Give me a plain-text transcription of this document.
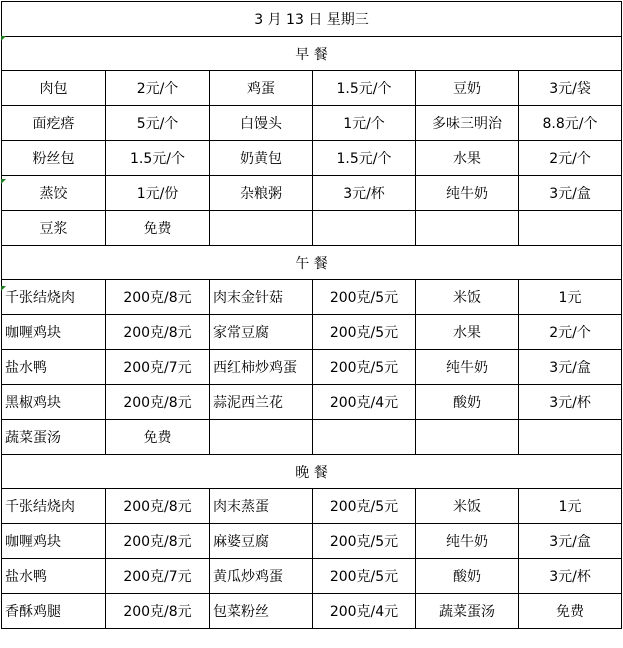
3 月 13 日 星期三					
早 餐					
肉包	2元/个	鸡蛋	1.5元/个	豆奶	3元/袋
面疙瘩	5元/个	白馒头	1元/个	多味三明治	8.8元/个
粉丝包	1.5元/个	奶黄包	1.5元/个	水果	2元/个
蒸饺	1元/份	杂粮粥	3元/杯	纯牛奶	3元/盒
豆浆	免费				
午 餐					
千张结烧肉	200克/8元	肉末金针菇	200克/5元	米饭	1元
咖喱鸡块	200克/8元	家常豆腐	200克/5元	水果	2元/个
盐水鸭	200克/7元	西红柿炒鸡蛋	200克/5元	纯牛奶	3元/盒
黑椒鸡块	200克/8元	蒜泥西兰花	200克/4元	酸奶	3元/杯
蔬菜蛋汤	免费				
晚 餐					
千张结烧肉	200克/8元	肉末蒸蛋	200克/5元	米饭	1元
咖喱鸡块	200克/8元	麻婆豆腐	200克/5元	纯牛奶	3元/盒
盐水鸭	200克/7元	黄瓜炒鸡蛋	200克/5元	酸奶	3元/杯
香酥鸡腿	200克/8元	包菜粉丝	200克/4元	蔬菜蛋汤	免费
